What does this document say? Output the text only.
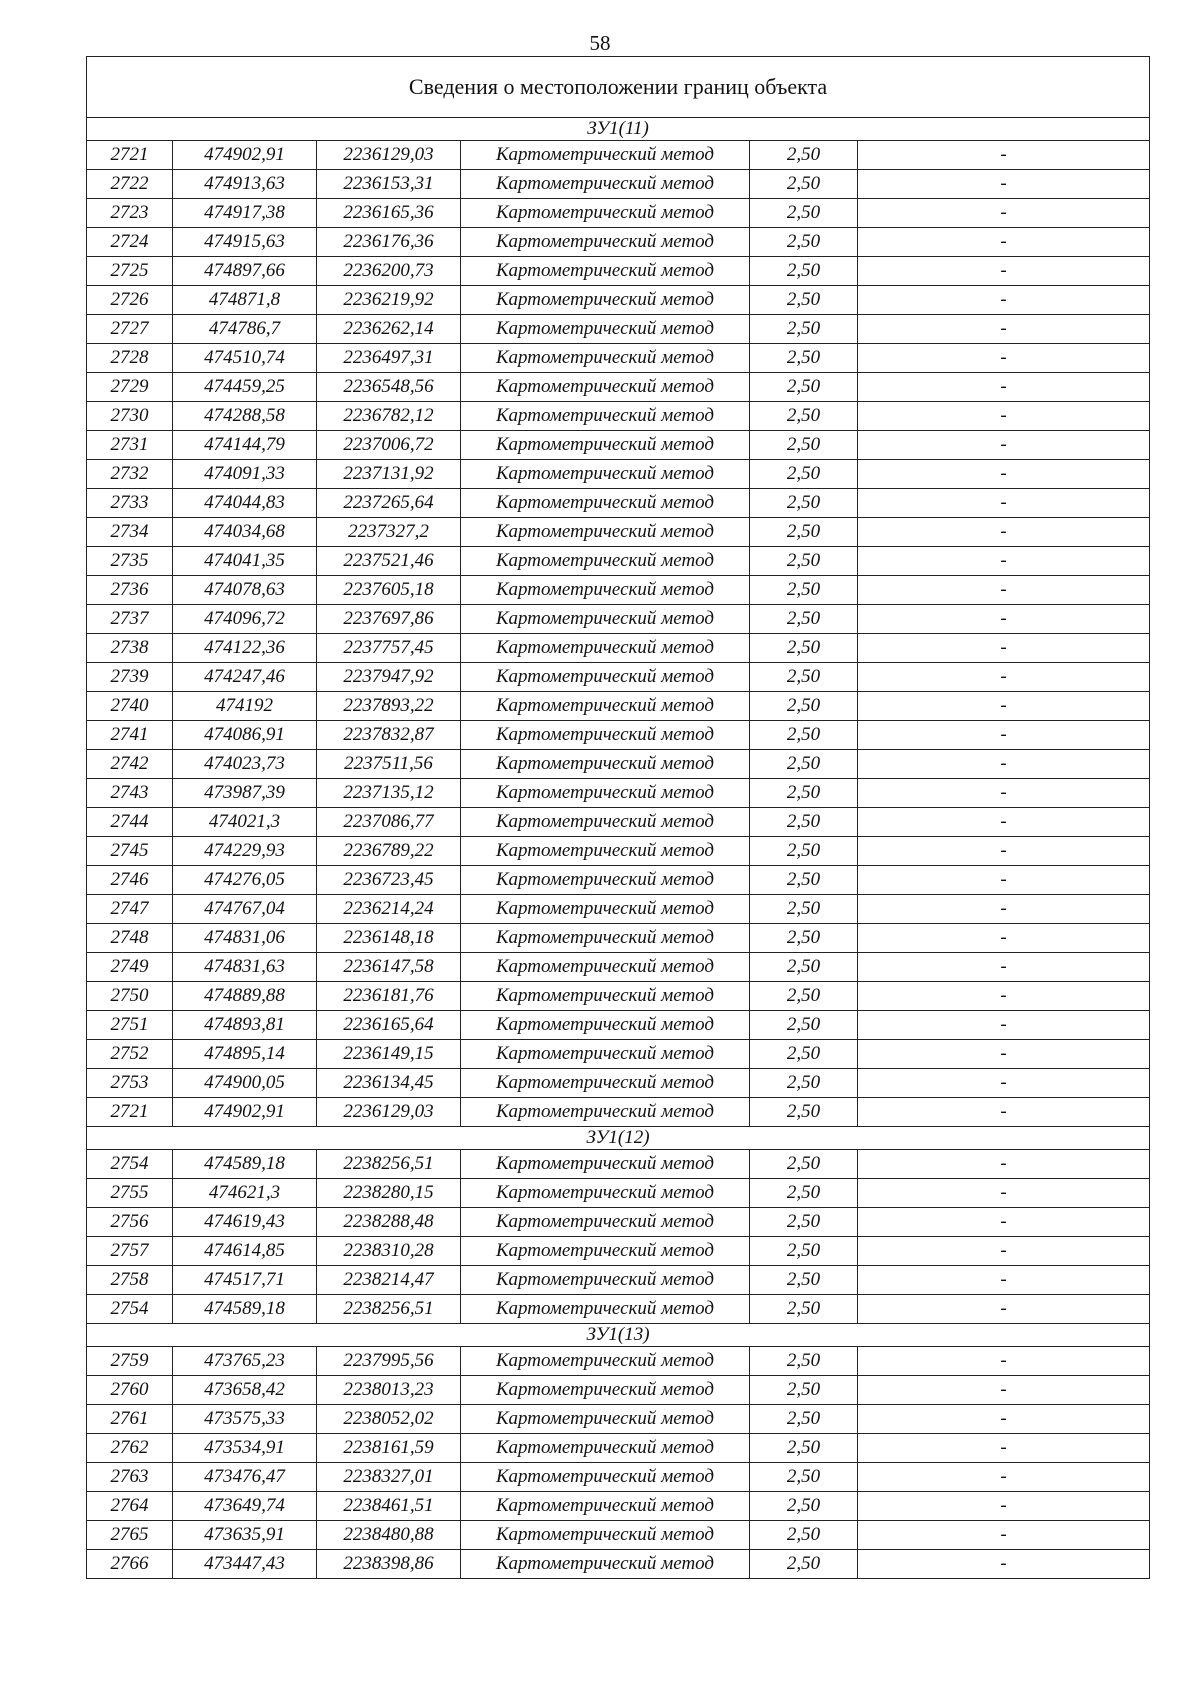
58
Сведения о местоположении границ объекта					
ЗУ1(11)					
2721	474902,91	2236129,03	Картометрический метод	2,50	-
2722	474913,63	2236153,31	Картометрический метод	2,50	-
2723	474917,38	2236165,36	Картометрический метод	2,50	-
2724	474915,63	2236176,36	Картометрический метод	2,50	-
2725	474897,66	2236200,73	Картометрический метод	2,50	-
2726	474871,8	2236219,92	Картометрический метод	2,50	-
2727	474786,7	2236262,14	Картометрический метод	2,50	-
2728	474510,74	2236497,31	Картометрический метод	2,50	-
2729	474459,25	2236548,56	Картометрический метод	2,50	-
2730	474288,58	2236782,12	Картометрический метод	2,50	-
2731	474144,79	2237006,72	Картометрический метод	2,50	-
2732	474091,33	2237131,92	Картометрический метод	2,50	-
2733	474044,83	2237265,64	Картометрический метод	2,50	-
2734	474034,68	2237327,2	Картометрический метод	2,50	-
2735	474041,35	2237521,46	Картометрический метод	2,50	-
2736	474078,63	2237605,18	Картометрический метод	2,50	-
2737	474096,72	2237697,86	Картометрический метод	2,50	-
2738	474122,36	2237757,45	Картометрический метод	2,50	-
2739	474247,46	2237947,92	Картометрический метод	2,50	-
2740	474192	2237893,22	Картометрический метод	2,50	-
2741	474086,91	2237832,87	Картометрический метод	2,50	-
2742	474023,73	2237511,56	Картометрический метод	2,50	-
2743	473987,39	2237135,12	Картометрический метод	2,50	-
2744	474021,3	2237086,77	Картометрический метод	2,50	-
2745	474229,93	2236789,22	Картометрический метод	2,50	-
2746	474276,05	2236723,45	Картометрический метод	2,50	-
2747	474767,04	2236214,24	Картометрический метод	2,50	-
2748	474831,06	2236148,18	Картометрический метод	2,50	-
2749	474831,63	2236147,58	Картометрический метод	2,50	-
2750	474889,88	2236181,76	Картометрический метод	2,50	-
2751	474893,81	2236165,64	Картометрический метод	2,50	-
2752	474895,14	2236149,15	Картометрический метод	2,50	-
2753	474900,05	2236134,45	Картометрический метод	2,50	-
2721	474902,91	2236129,03	Картометрический метод	2,50	-
ЗУ1(12)					
2754	474589,18	2238256,51	Картометрический метод	2,50	-
2755	474621,3	2238280,15	Картометрический метод	2,50	-
2756	474619,43	2238288,48	Картометрический метод	2,50	-
2757	474614,85	2238310,28	Картометрический метод	2,50	-
2758	474517,71	2238214,47	Картометрический метод	2,50	-
2754	474589,18	2238256,51	Картометрический метод	2,50	-
ЗУ1(13)					
2759	473765,23	2237995,56	Картометрический метод	2,50	-
2760	473658,42	2238013,23	Картометрический метод	2,50	-
2761	473575,33	2238052,02	Картометрический метод	2,50	-
2762	473534,91	2238161,59	Картометрический метод	2,50	-
2763	473476,47	2238327,01	Картометрический метод	2,50	-
2764	473649,74	2238461,51	Картометрический метод	2,50	-
2765	473635,91	2238480,88	Картометрический метод	2,50	-
2766	473447,43	2238398,86	Картометрический метод	2,50	-
